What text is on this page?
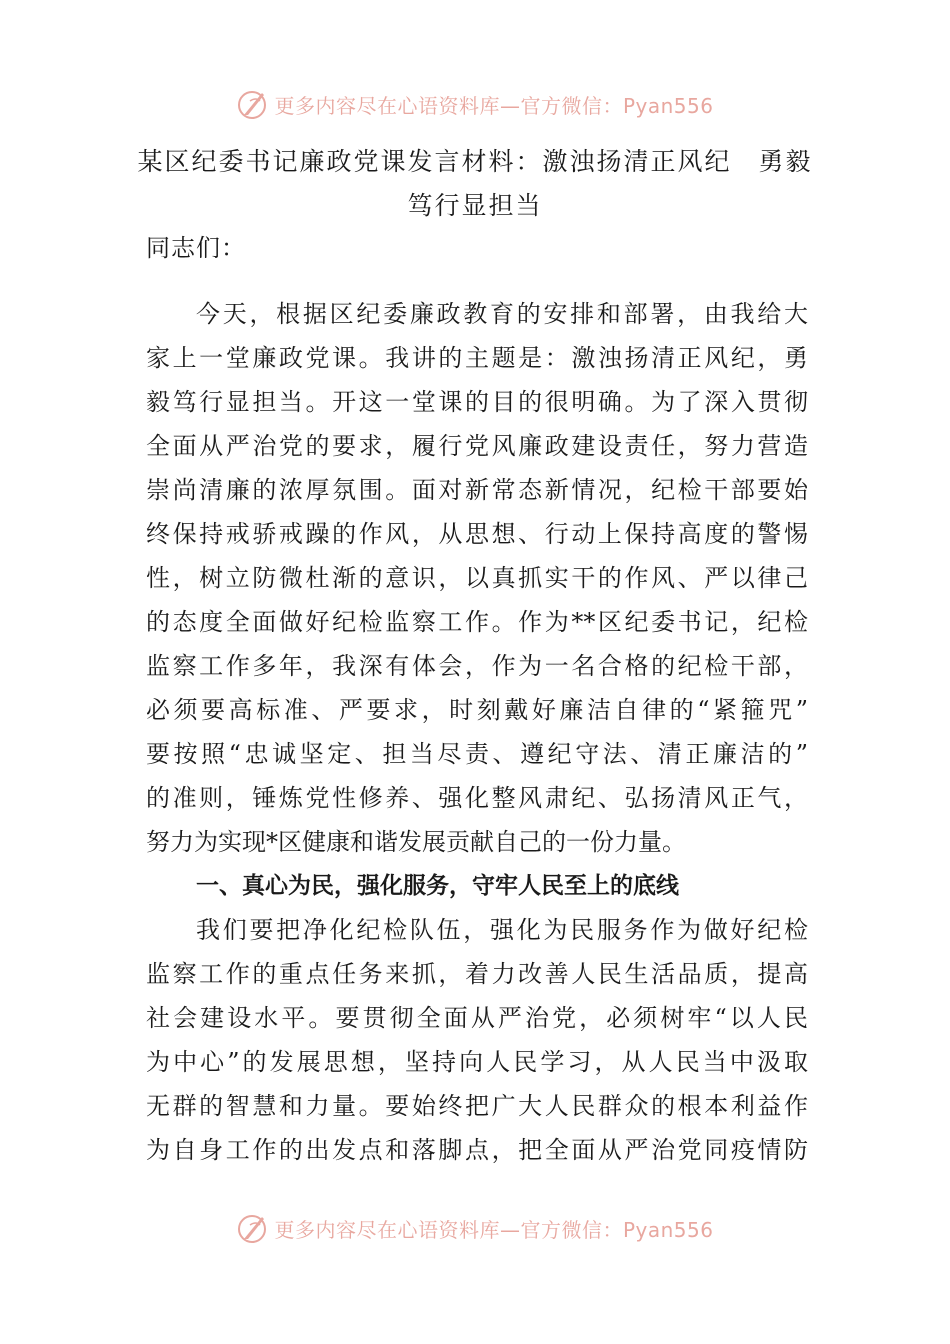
更多内容尽在心语资料库—官方微信：Pyan556
某区纪委书记廉政党课发言材料：激浊扬清正风纪　勇毅
笃行显担当
同志们：
今天，根据区纪委廉政教育的安排和部署，由我给大
家上一堂廉政党课。我讲的主题是：激浊扬清正风纪，勇
毅笃行显担当。开这一堂课的目的很明确。为了深入贯彻
全面从严治党的要求，履行党风廉政建设责任，努力营造
崇尚清廉的浓厚氛围。面对新常态新情况，纪检干部要始
终保持戒骄戒躁的作风，从思想、行动上保持高度的警惕
性，树立防微杜渐的意识，以真抓实干的作风、严以律己
的态度全面做好纪检监察工作。作为**区纪委书记，纪检
监察工作多年，我深有体会，作为一名合格的纪检干部，
必须要高标准、严要求，时刻戴好廉洁自律的“紧箍咒”
要按照“忠诚坚定、担当尽责、遵纪守法、清正廉洁的”
的准则，锤炼党性修养、强化整风肃纪、弘扬清风正气，
努力为实现*区健康和谐发展贡献自己的一份力量。
一、真心为民，强化服务，守牢人民至上的底线
我们要把净化纪检队伍，强化为民服务作为做好纪检
监察工作的重点任务来抓，着力改善人民生活品质，提高
社会建设水平。要贯彻全面从严治党，必须树牢“以人民
为中心”的发展思想，坚持向人民学习，从人民当中汲取
无群的智慧和力量。要始终把广大人民群众的根本利益作
为自身工作的出发点和落脚点，把全面从严治党同疫情防
更多内容尽在心语资料库—官方微信：Pyan556
